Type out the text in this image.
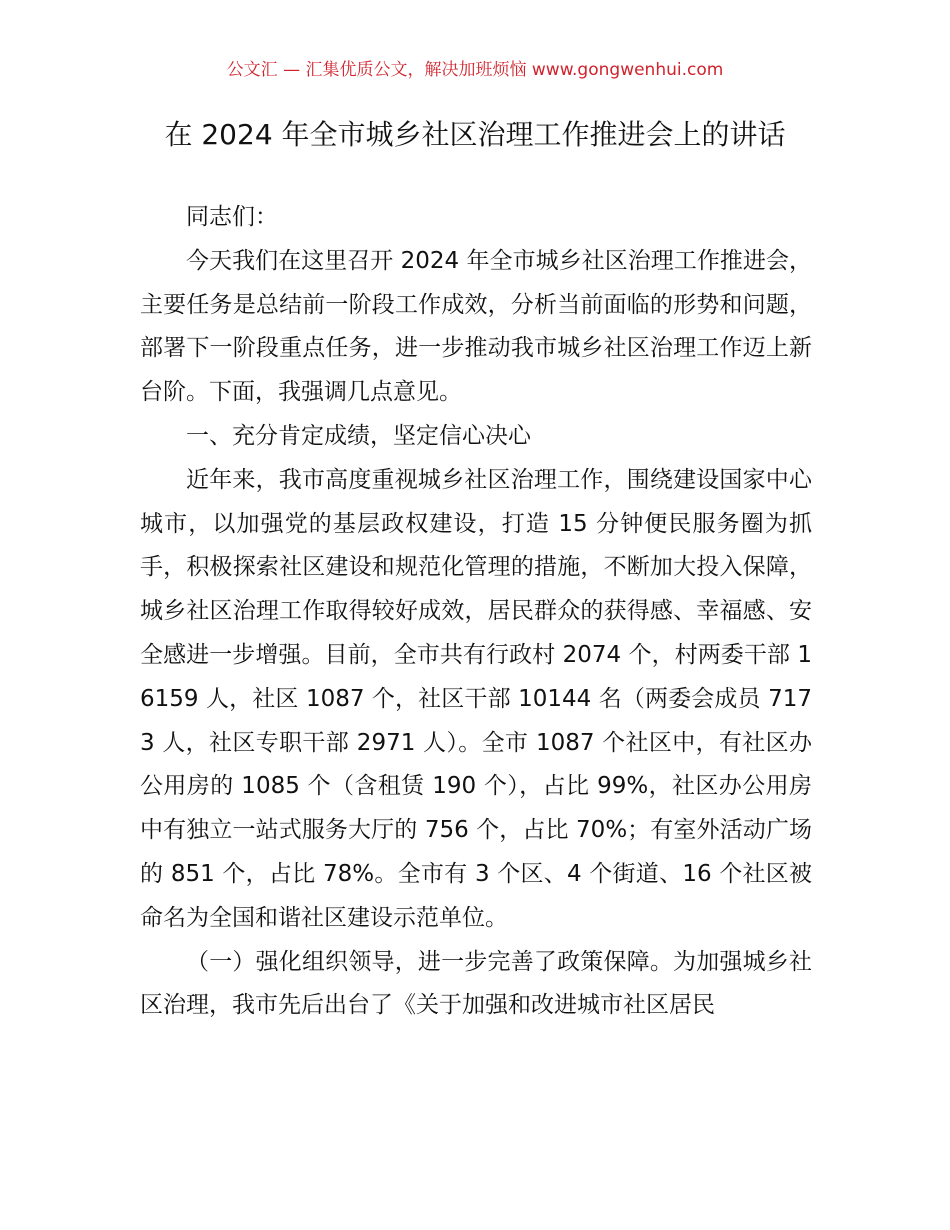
公文汇 — 汇集优质公文，解决加班烦恼 www.gongwenhui.com
在 2024 年全市城乡社区治理工作推进会上的讲话

同志们：

今天我们在这里召开 2024 年全市城乡社区治理工作推进会，主要任务是总结前一阶段工作成效，分析当前面临的形势和问题，部署下一阶段重点任务，进一步推动我市城乡社区治理工作迈上新台阶。下面，我强调几点意见。

一、充分肯定成绩，坚定信心决心

近年来，我市高度重视城乡社区治理工作，围绕建设国家中心城市，以加强党的基层政权建设，打造 15 分钟便民服务圈为抓手，积极探索社区建设和规范化管理的措施，不断加大投入保障，城乡社区治理工作取得较好成效，居民群众的获得感、幸福感、安全感进一步增强。目前，全市共有行政村 2074 个，村两委干部 16159 人，社区 1087 个，社区干部 10144 名（两委会成员 7173 人，社区专职干部 2971 人）。全市 1087 个社区中，有社区办公用房的 1085 个（含租赁 190 个），占比 99%，社区办公用房中有独立一站式服务大厅的 756 个，占比 70%；有室外活动广场的 851 个，占比 78%。全市有 3 个区、4 个街道、16 个社区被命名为全国和谐社区建设示范单位。

（一）强化组织领导，进一步完善了政策保障。为加强城乡社区治理，我市先后出台了《关于加强和改进城市社区居民
